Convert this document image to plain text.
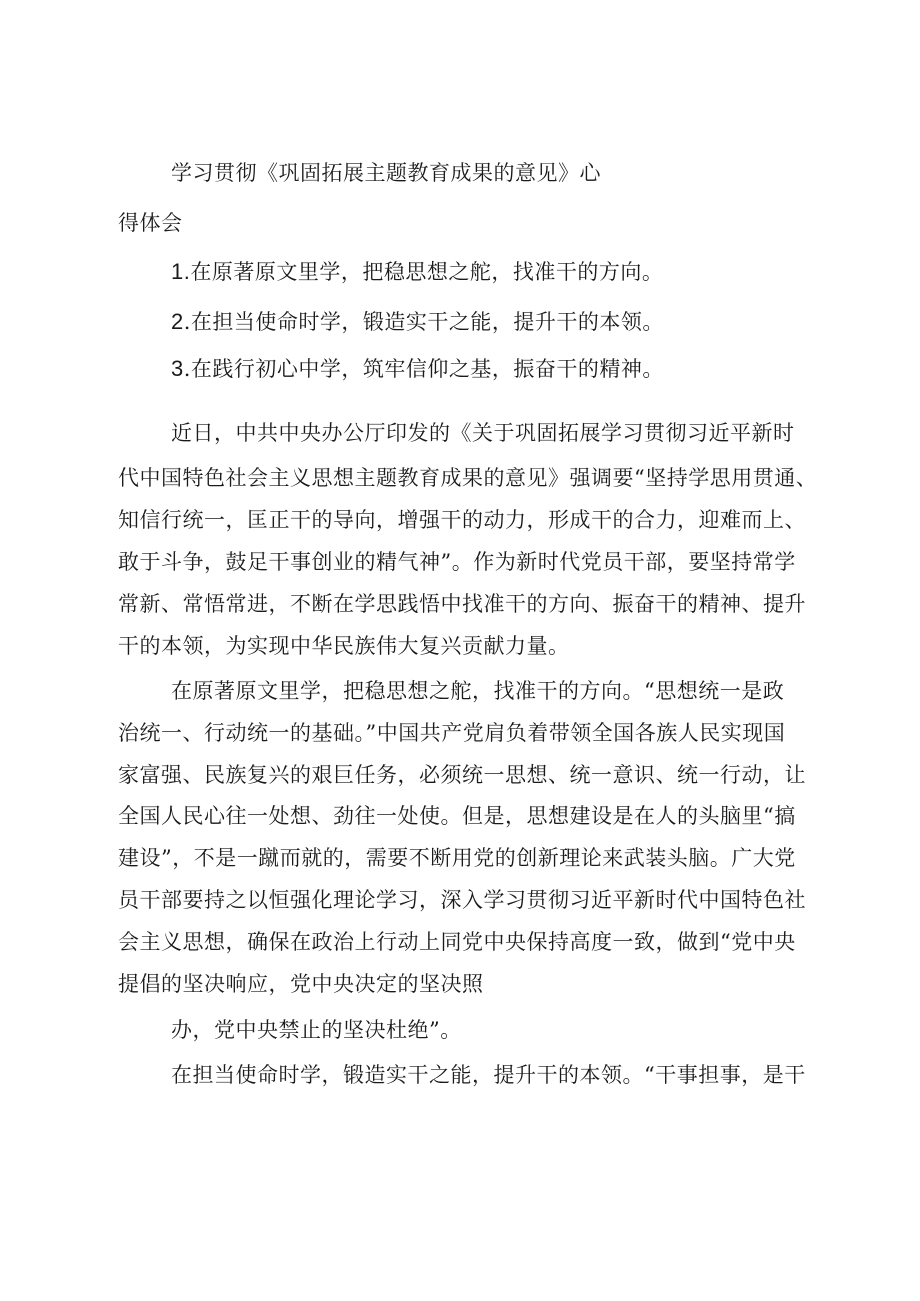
学习贯彻《巩固拓展主题教育成果的意见》心
得体会
1.在原著原文里学，把稳思想之舵，找准干的方向。
2.在担当使命时学，锻造实干之能，提升干的本领。
3.在践行初心中学，筑牢信仰之基，振奋干的精神。
近日，中共中央办公厅印发的《关于巩固拓展学习贯彻习近平新时
代中国特色社会主义思想主题教育成果的意见》强调要“坚持学思用贯通、
知信行统一，匡正干的导向，增强干的动力，形成干的合力，迎难而上、
敢于斗争，鼓足干事创业的精气神”。作为新时代党员干部，要坚持常学
常新、常悟常进，不断在学思践悟中找准干的方向、振奋干的精神、提升
干的本领，为实现中华民族伟大复兴贡献力量。
在原著原文里学，把稳思想之舵，找准干的方向。“思想统一是政
治统一、行动统一的基础。”中国共产党肩负着带领全国各族人民实现国
家富强、民族复兴的艰巨任务，必须统一思想、统一意识、统一行动，让
全国人民心往一处想、劲往一处使。但是，思想建设是在人的头脑里“搞
建设”，不是一蹴而就的，需要不断用党的创新理论来武装头脑。广大党
员干部要持之以恒强化理论学习，深入学习贯彻习近平新时代中国特色社
会主义思想，确保在政治上行动上同党中央保持高度一致，做到“党中央
提倡的坚决响应，党中央决定的坚决照
办，党中央禁止的坚决杜绝”。
在担当使命时学，锻造实干之能，提升干的本领。“干事担事，是干
